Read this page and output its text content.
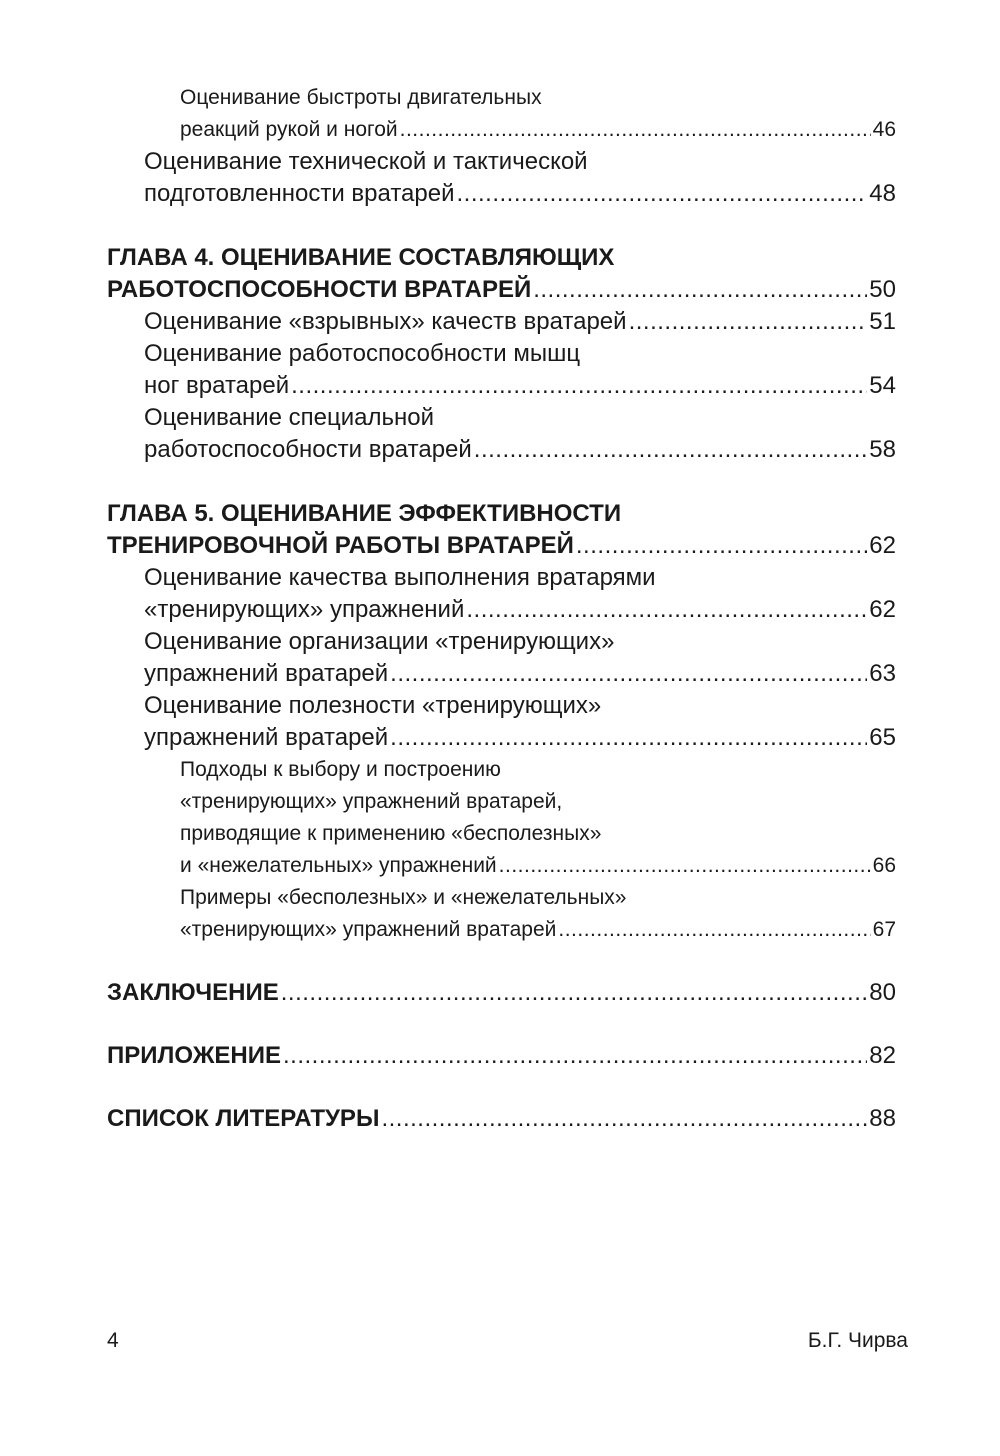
Оценивание быстроты двигательных
реакций рукой и ногой .....	46
Оценивание технической и тактической
подготовленности вратарей .....	48
ГЛАВА 4. ОЦЕНИВАНИЕ СОСТАВЛЯЮЩИХ
РАБОТОСПОСОБНОСТИ ВРАТАРЕЙ .....	50
Оценивание «взрывных» качеств вратарей .....	51
Оценивание работоспособности мышц
ног вратарей .....	54
Оценивание специальной
работоспособности вратарей .....	58
ГЛАВА 5. ОЦЕНИВАНИЕ ЭФФЕКТИВНОСТИ
ТРЕНИРОВОЧНОЙ РАБОТЫ ВРАТАРЕЙ .....	62
Оценивание качества выполнения вратарями
«тренирующих» упражнений .....	62
Оценивание организации «тренирующих»
упражнений вратарей .....	63
Оценивание полезности «тренирующих»
упражнений вратарей .....	65
Подходы к выбору и построению
«тренирующих» упражнений вратарей,
приводящие к применению «бесполезных»
и «нежелательных» упражнений .....	66
Примеры «бесполезных» и «нежелательных»
«тренирующих» упражнений вратарей .....	67
ЗАКЛЮЧЕНИЕ .....	80
ПРИЛОЖЕНИЕ .....	82
СПИСОК ЛИТЕРАТУРЫ .....	88
4	Б.Г. Чирва
